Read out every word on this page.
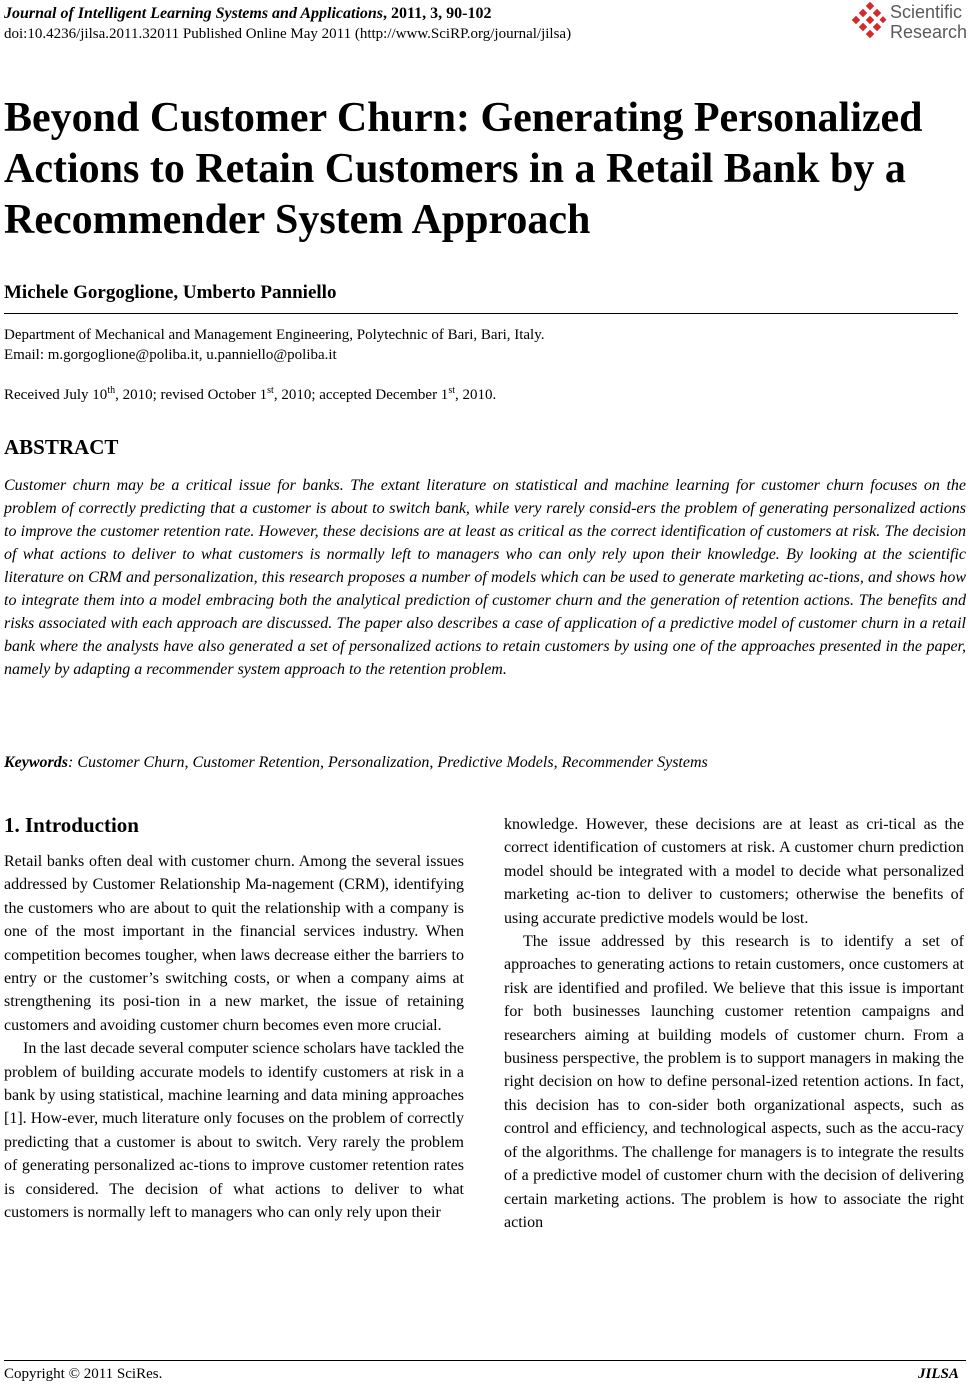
Journal of Intelligent Learning Systems and Applications, 2011, 3, 90-102
doi:10.4236/jilsa.2011.32011 Published Online May 2011 (http://www.SciRP.org/journal/jilsa)
Scientific
Research
Beyond Customer Churn: Generating Personalized Actions to Retain Customers in a Retail Bank by a Recommender System Approach
Michele Gorgoglione, Umberto Panniello
Department of Mechanical and Management Engineering, Polytechnic of Bari, Bari, Italy.
Email: m.gorgoglione@poliba.it, u.panniello@poliba.it
Received July 10th, 2010; revised October 1st, 2010; accepted December 1st, 2010.
ABSTRACT
Customer churn may be a critical issue for banks. The extant literature on statistical and machine learning for customer churn focuses on the problem of correctly predicting that a customer is about to switch bank, while very rarely consid-ers the problem of generating personalized actions to improve the customer retention rate. However, these decisions are at least as critical as the correct identification of customers at risk. The decision of what actions to deliver to what customers is normally left to managers who can only rely upon their knowledge. By looking at the scientific literature on CRM and personalization, this research proposes a number of models which can be used to generate marketing ac-tions, and shows how to integrate them into a model embracing both the analytical prediction of customer churn and the generation of retention actions. The benefits and risks associated with each approach are discussed. The paper also describes a case of application of a predictive model of customer churn in a retail bank where the analysts have also generated a set of personalized actions to retain customers by using one of the approaches presented in the paper, namely by adapting a recommender system approach to the retention problem.
Keywords: Customer Churn, Customer Retention, Personalization, Predictive Models, Recommender Systems
1. Introduction

Retail banks often deal with customer churn. Among the several issues addressed by Customer Relationship Ma-nagement (CRM), identifying the customers who are about to quit the relationship with a company is one of the most important in the financial services industry. When competition becomes tougher, when laws decrease either the barriers to entry or the customer’s switching costs, or when a company aims at strengthening its posi-tion in a new market, the issue of retaining customers and avoiding customer churn becomes even more crucial.

In the last decade several computer science scholars have tackled the problem of building accurate models to identify customers at risk in a bank by using statistical, machine learning and data mining approaches [1]. How-ever, much literature only focuses on the problem of correctly predicting that a customer is about to switch. Very rarely the problem of generating personalized ac-tions to improve customer retention rates is considered. The decision of what actions to deliver to what customers is normally left to managers who can only rely upon their

knowledge. However, these decisions are at least as cri-tical as the correct identification of customers at risk. A customer churn prediction model should be integrated with a model to decide what personalized marketing ac-tion to deliver to customers; otherwise the benefits of using accurate predictive models would be lost.

The issue addressed by this research is to identify a set of approaches to generating actions to retain customers, once customers at risk are identified and profiled. We believe that this issue is important for both businesses launching customer retention campaigns and researchers aiming at building models of customer churn. From a business perspective, the problem is to support managers in making the right decision on how to define personal-ized retention actions. In fact, this decision has to con-sider both organizational aspects, such as control and efficiency, and technological aspects, such as the accu-racy of the algorithms. The challenge for managers is to integrate the results of a predictive model of customer churn with the decision of delivering certain marketing actions. The problem is how to associate the right action

Copyright © 2011 SciRes.	JILSA
